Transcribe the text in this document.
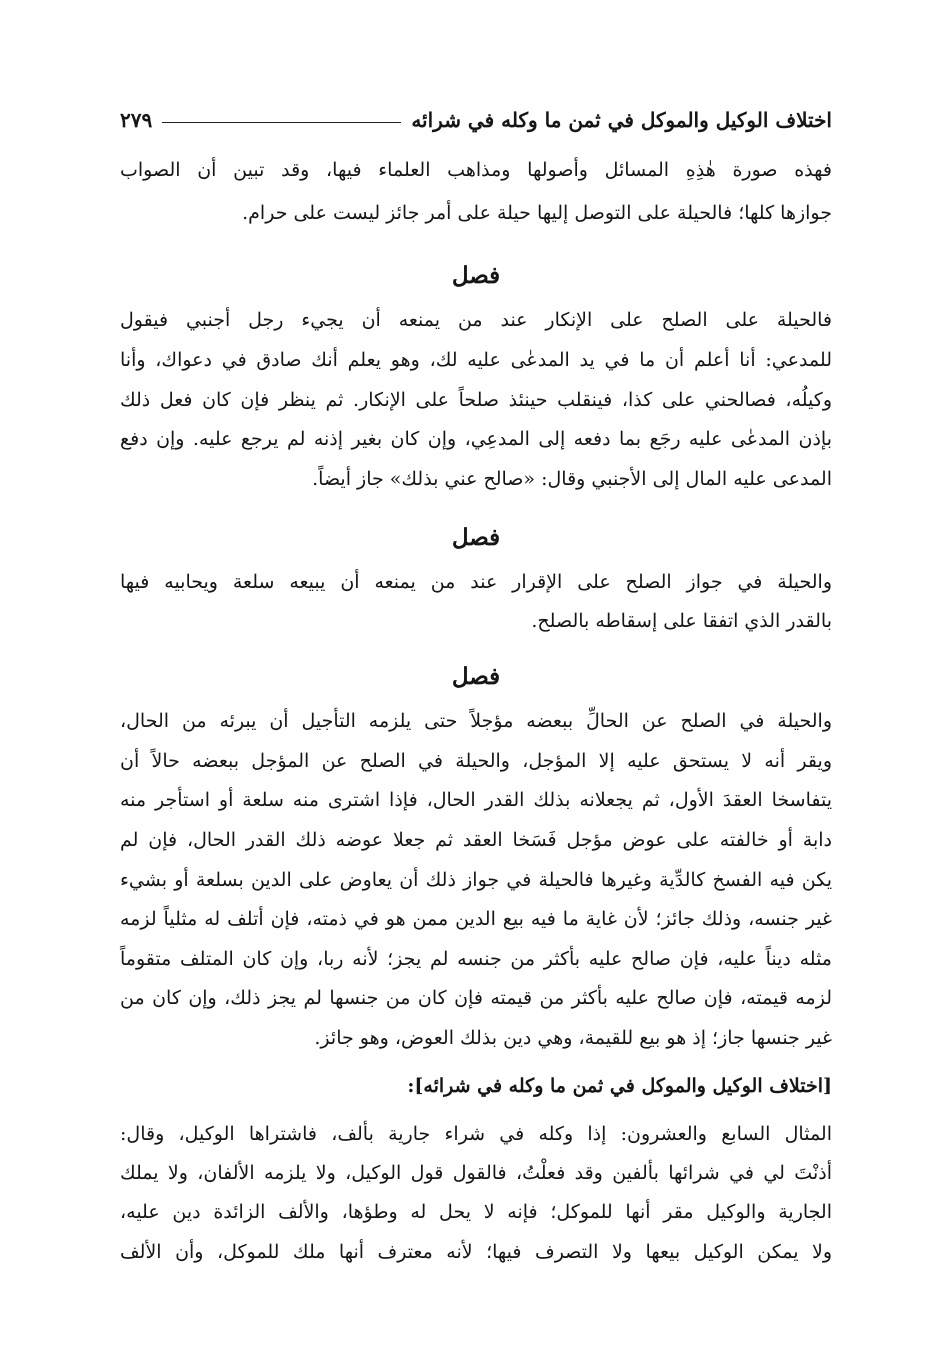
اختلاف الوكيل والموكل في ثمن ما وكله في شرائه
٢٧٩
فهذه صورة هٰذِهِ المسائل وأصولها ومذاهب العلماء فيها، وقد تبين أن الصواب
جوازها كلها؛ فالحيلة على التوصل إليها حيلة على أمر جائز ليست على حرام.
فصل
فالحيلة على الصلح على الإنكار عند من يمنعه أن يجيء رجل أجنبي فيقول
للمدعي: أنا أعلم أن ما في يد المدعٰى عليه لك، وهو يعلم أنك صادق في دعواك، وأنا
وكيلُه، فصالحني على كذا، فينقلب حينئذ صلحاً على الإنكار. ثم ينظر فإن كان فعل ذلك
بإذن المدعٰى عليه رجَع بما دفعه إلى المدعِي، وإن كان بغير إذنه لم يرجع عليه. وإن دفع
المدعى عليه المال إلى الأجنبي وقال: «صالح عني بذلك» جاز أيضاً.
فصل
والحيلة في جواز الصلح على الإقرار عند من يمنعه أن يبيعه سلعة ويحابيه فيها
بالقدر الذي اتفقا على إسقاطه بالصلح.
فصل
والحيلة في الصلح عن الحالِّ ببعضه مؤجلاً حتى يلزمه التأجيل أن يبرئه من الحال،
ويقر أنه لا يستحق عليه إلا المؤجل، والحيلة في الصلح عن المؤجل ببعضه حالاً أن
يتفاسخا العقدَ الأول، ثم يجعلانه بذلك القدر الحال، فإذا اشترى منه سلعة أو استأجر منه
دابة أو خالفته على عوض مؤجل فَسَخا العقد ثم جعلا عوضه ذلك القدر الحال، فإن لم
يكن فيه الفسخ كالدِّية وغيرها فالحيلة في جواز ذلك أن يعاوض على الدين بسلعة أو بشيء
غير جنسه، وذلك جائز؛ لأن غاية ما فيه بيع الدين ممن هو في ذمته، فإن أتلف له مثلياً لزمه
مثله ديناً عليه، فإن صالح عليه بأكثر من جنسه لم يجز؛ لأنه ربا، وإن كان المتلف متقوماً
لزمه قيمته، فإن صالح عليه بأكثر من قيمته فإن كان من جنسها لم يجز ذلك، وإن كان من
غير جنسها جاز؛ إذ هو بيع للقيمة، وهي دين بذلك العوض، وهو جائز.
[اختلاف الوكيل والموكل في ثمن ما وكله في شرائه]:
المثال السابع والعشرون: إذا وكله في شراء جارية بألف، فاشتراها الوكيل، وقال:
أذنْتَ لي في شرائها بألفين وقد فعلْتُ، فالقول قول الوكيل، ولا يلزمه الألفان، ولا يملك
الجارية والوكيل مقر أنها للموكل؛ فإنه لا يحل له وطؤها، والألف الزائدة دين عليه،
ولا يمكن الوكيل بيعها ولا التصرف فيها؛ لأنه معترف أنها ملك للموكل، وأن الألف
